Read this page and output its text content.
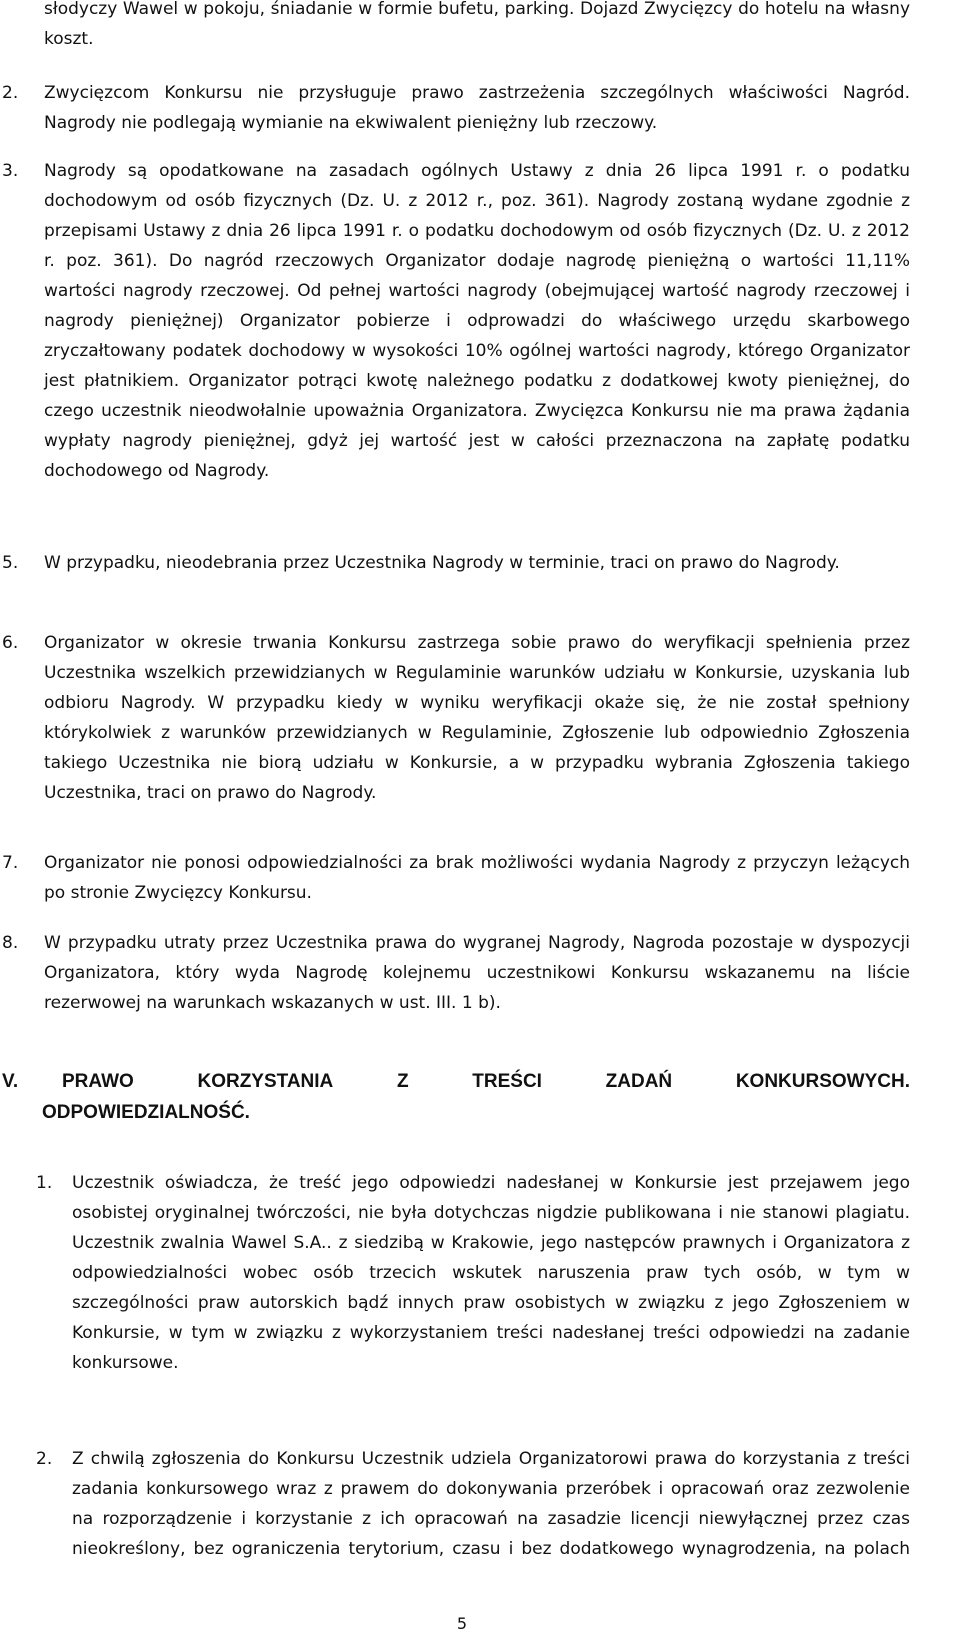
słodyczy Wawel w pokoju, śniadanie w formie bufetu, parking. Dojazd Zwycięzcy do hotelu na własny koszt.
2. Zwycięzcom Konkursu nie przysługuje prawo zastrzeżenia szczególnych właściwości Nagród. Nagrody nie podlegają wymianie na ekwiwalent pieniężny lub rzeczowy.
3. Nagrody są opodatkowane na zasadach ogólnych Ustawy z dnia 26 lipca 1991 r. o podatku dochodowym od osób fizycznych (Dz. U. z 2012 r., poz. 361). Nagrody zostaną wydane zgodnie z przepisami Ustawy z dnia 26 lipca 1991 r. o podatku dochodowym od osób fizycznych (Dz. U. z 2012 r. poz. 361). Do nagród rzeczowych Organizator dodaje nagrodę pieniężną o wartości 11,11% wartości nagrody rzeczowej. Od pełnej wartości nagrody (obejmującej wartość nagrody rzeczowej i nagrody pieniężnej) Organizator pobierze i odprowadzi do właściwego urzędu skarbowego zryczałtowany podatek dochodowy w wysokości 10% ogólnej wartości nagrody, którego Organizator jest płatnikiem. Organizator potrąci kwotę należnego podatku z dodatkowej kwoty pieniężnej, do czego uczestnik nieodwołalnie upoważnia Organizatora. Zwycięzca Konkursu nie ma prawa żądania wypłaty nagrody pieniężnej, gdyż jej wartość jest w całości przeznaczona na zapłatę podatku dochodowego od Nagrody.
5. W przypadku, nieodebrania przez Uczestnika Nagrody w terminie, traci on prawo do Nagrody.
6. Organizator w okresie trwania Konkursu zastrzega sobie prawo do weryfikacji spełnienia przez Uczestnika wszelkich przewidzianych w Regulaminie warunków udziału w Konkursie, uzyskania lub odbioru Nagrody. W przypadku kiedy w wyniku weryfikacji okaże się, że nie został spełniony którykolwiek z warunków przewidzianych w Regulaminie, Zgłoszenie lub odpowiednio Zgłoszenia takiego Uczestnika nie biorą udziału w Konkursie, a w przypadku wybrania Zgłoszenia takiego Uczestnika, traci on prawo do Nagrody.
7. Organizator nie ponosi odpowiedzialności za brak możliwości wydania Nagrody z przyczyn leżących po stronie Zwycięzcy Konkursu.
8. W przypadku utraty przez Uczestnika prawa do wygranej Nagrody, Nagroda pozostaje w dyspozycji Organizatora, który wyda Nagrodę kolejnemu uczestnikowi Konkursu wskazanemu na liście rezerwowej na warunkach wskazanych w ust. III. 1 b).
V. PRAWO	KORZYSTANIA	Z	TREŚCI	ZADAŃ	KONKURSOWYCH.
ODPOWIEDZIALNOŚĆ.
1. Uczestnik oświadcza, że treść jego odpowiedzi nadesłanej w Konkursie jest przejawem jego osobistej oryginalnej twórczości, nie była dotychczas nigdzie publikowana i nie stanowi plagiatu. Uczestnik zwalnia Wawel S.A.. z siedzibą w Krakowie, jego następców prawnych i Organizatora z odpowiedzialności wobec osób trzecich wskutek naruszenia praw tych osób, w tym w szczególności praw autorskich bądź innych praw osobistych w związku z jego Zgłoszeniem w Konkursie, w tym w związku z wykorzystaniem treści nadesłanej treści odpowiedzi na zadanie konkursowe.
2. Z chwilą zgłoszenia do Konkursu Uczestnik udziela Organizatorowi prawa do korzystania z treści zadania konkursowego wraz z prawem do dokonywania przeróbek i opracowań oraz zezwolenie na rozporządzenie i korzystanie z ich opracowań na zasadzie licencji niewyłącznej przez czas nieokreślony, bez ograniczenia terytorium, czasu i bez dodatkowego wynagrodzenia, na polach
5
